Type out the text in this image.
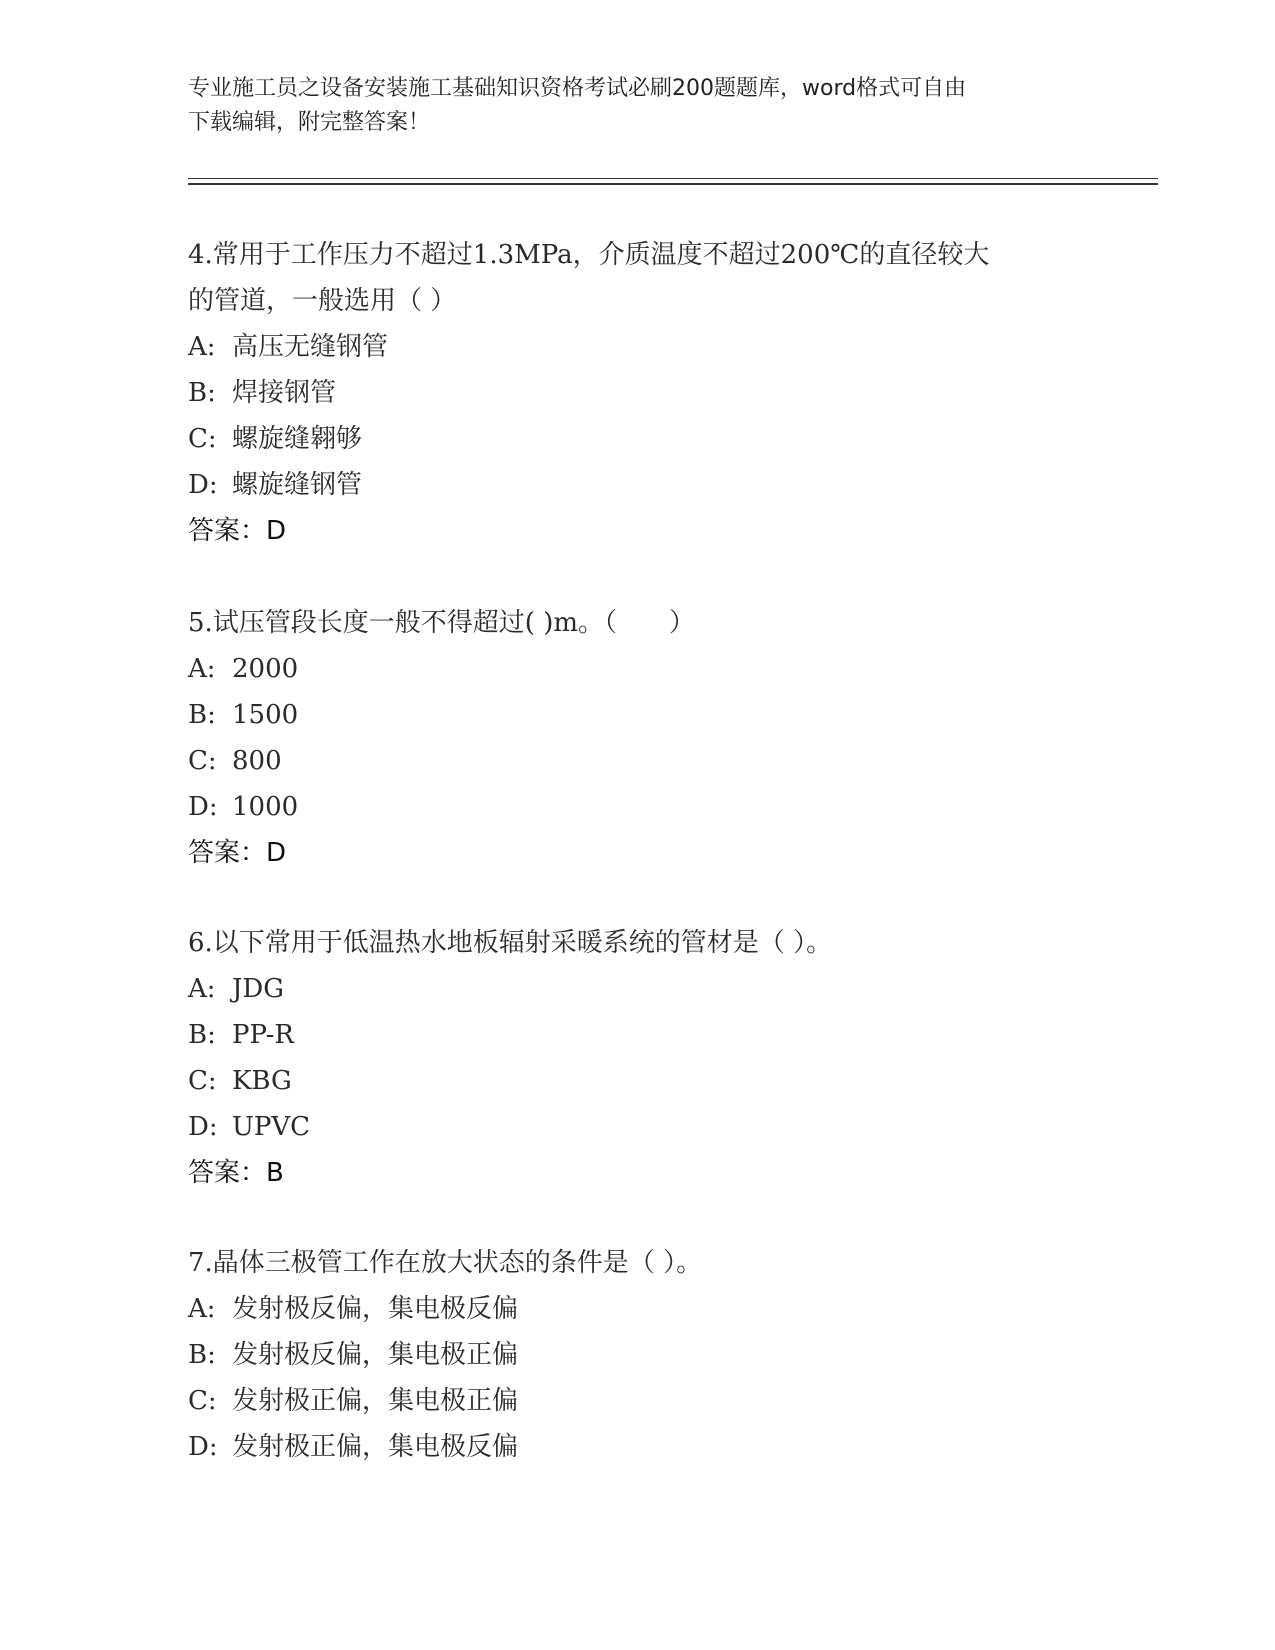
专业施工员之设备安装施工基础知识资格考试必刷200题题库，word格式可自由
下载编辑，附完整答案！
4.常用于工作压力不超过1.3MPa，介质温度不超过200℃的直径较大
的管道，一般选用（ ）
A: 高压无缝钢管
B: 焊接钢管
C: 螺旋缝翱够
D: 螺旋缝钢管
答案：D
5.试压管段长度一般不得超过( )m。（　　）
A: 2000
B: 1500
C: 800
D: 1000
答案：D
6.以下常用于低温热水地板辐射采暖系统的管材是（ ）。
A: JDG
B: PP-R
C: KBG
D: UPVC
答案：B
7.晶体三极管工作在放大状态的条件是（ ）。
A: 发射极反偏，集电极反偏
B: 发射极反偏，集电极正偏
C: 发射极正偏，集电极正偏
D: 发射极正偏，集电极反偏
